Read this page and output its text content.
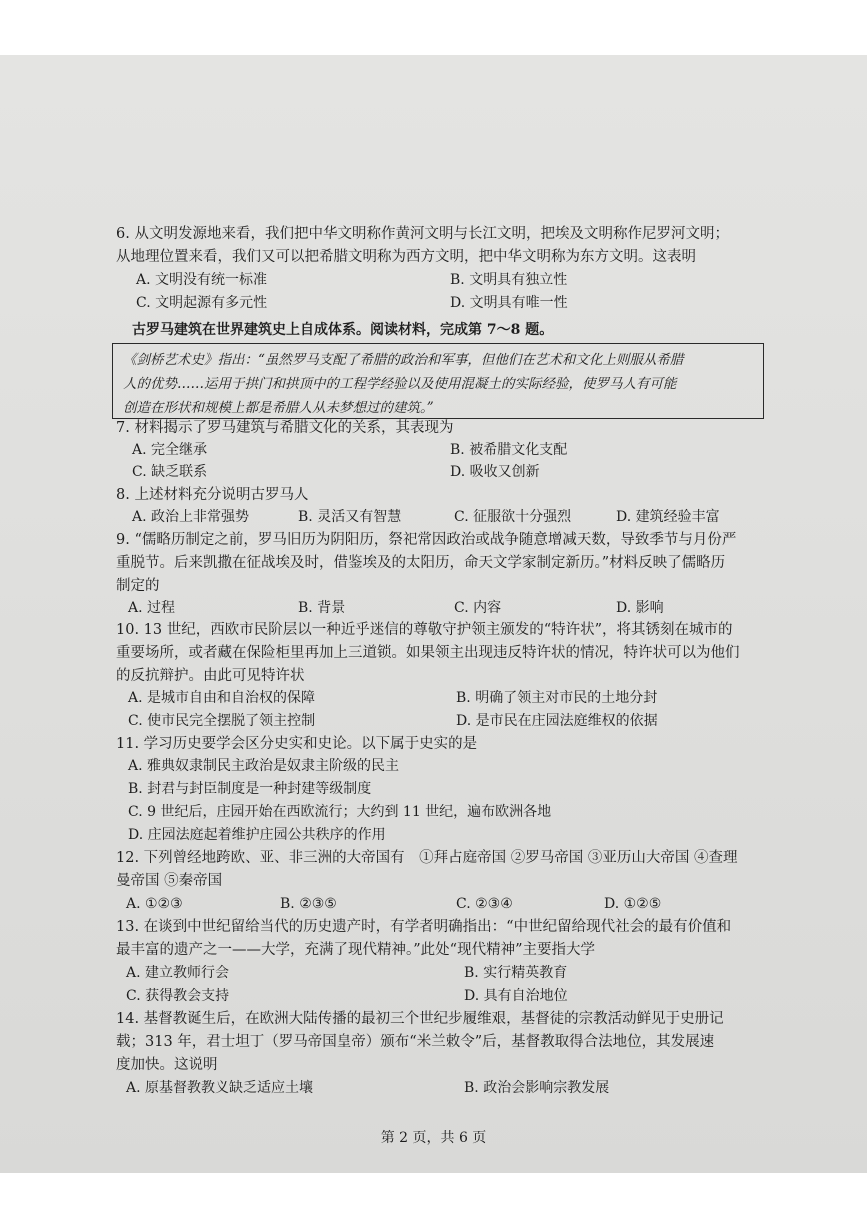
6. 从文明发源地来看，我们把中华文明称作黄河文明与长江文明，把埃及文明称作尼罗河文明；
从地理位置来看，我们又可以把希腊文明称为西方文明，把中华文明称为东方文明。这表明
A. 文明没有统一标准	B. 文明具有独立性
C. 文明起源有多元性	D. 文明具有唯一性
古罗马建筑在世界建筑史上自成体系。阅读材料，完成第 7～8 题。
《剑桥艺术史》指出：“虽然罗马支配了希腊的政治和军事，但他们在艺术和文化上则服从希腊
人的优势……运用于拱门和拱顶中的工程学经验以及使用混凝土的实际经验，使罗马人有可能
创造在形状和规模上都是希腊人从未梦想过的建筑。”
7. 材料揭示了罗马建筑与希腊文化的关系，其表现为
A. 完全继承	B. 被希腊文化支配
C. 缺乏联系	D. 吸收又创新
8. 上述材料充分说明古罗马人
A. 政治上非常强势	B. 灵活又有智慧	C. 征服欲十分强烈	D. 建筑经验丰富
9. “儒略历制定之前，罗马旧历为阴阳历，祭祀常因政治或战争随意增减天数，导致季节与月份严
重脱节。后来凯撒在征战埃及时，借鉴埃及的太阳历，命天文学家制定新历。”材料反映了儒略历
制定的
A. 过程	B. 背景	C. 内容	D. 影响
10. 13 世纪，西欧市民阶层以一种近乎迷信的尊敬守护领主颁发的“特许状”，将其锈刻在城市的
重要场所，或者藏在保险柜里再加上三道锁。如果领主出现违反特许状的情况，特许状可以为他们
的反抗辩护。由此可见特许状
A. 是城市自由和自治权的保障	B. 明确了领主对市民的土地分封
C. 使市民完全摆脱了领主控制	D. 是市民在庄园法庭维权的依据
11. 学习历史要学会区分史实和史论。以下属于史实的是
A. 雅典奴隶制民主政治是奴隶主阶级的民主
B. 封君与封臣制度是一种封建等级制度
C. 9 世纪后，庄园开始在西欧流行；大约到 11 世纪，遍布欧洲各地
D. 庄园法庭起着维护庄园公共秩序的作用
12. 下列曾经地跨欧、亚、非三洲的大帝国有　①拜占庭帝国 ②罗马帝国 ③亚历山大帝国 ④查理
曼帝国 ⑤秦帝国
A. ①②③	B. ②③⑤	C. ②③④	D. ①②⑤
13. 在谈到中世纪留给当代的历史遗产时，有学者明确指出：“中世纪留给现代社会的最有价值和
最丰富的遗产之一——大学，充满了现代精神。”此处“现代精神”主要指大学
A. 建立教师行会	B. 实行精英教育
C. 获得教会支持	D. 具有自治地位
14. 基督教诞生后，在欧洲大陆传播的最初三个世纪步履维艰，基督徒的宗教活动鲜见于史册记
载；313 年，君士坦丁（罗马帝国皇帝）颁布“米兰敕令”后，基督教取得合法地位，其发展速
度加快。这说明
A. 原基督教教义缺乏适应土壤	B. 政治会影响宗教发展
第 2 页，共 6 页
